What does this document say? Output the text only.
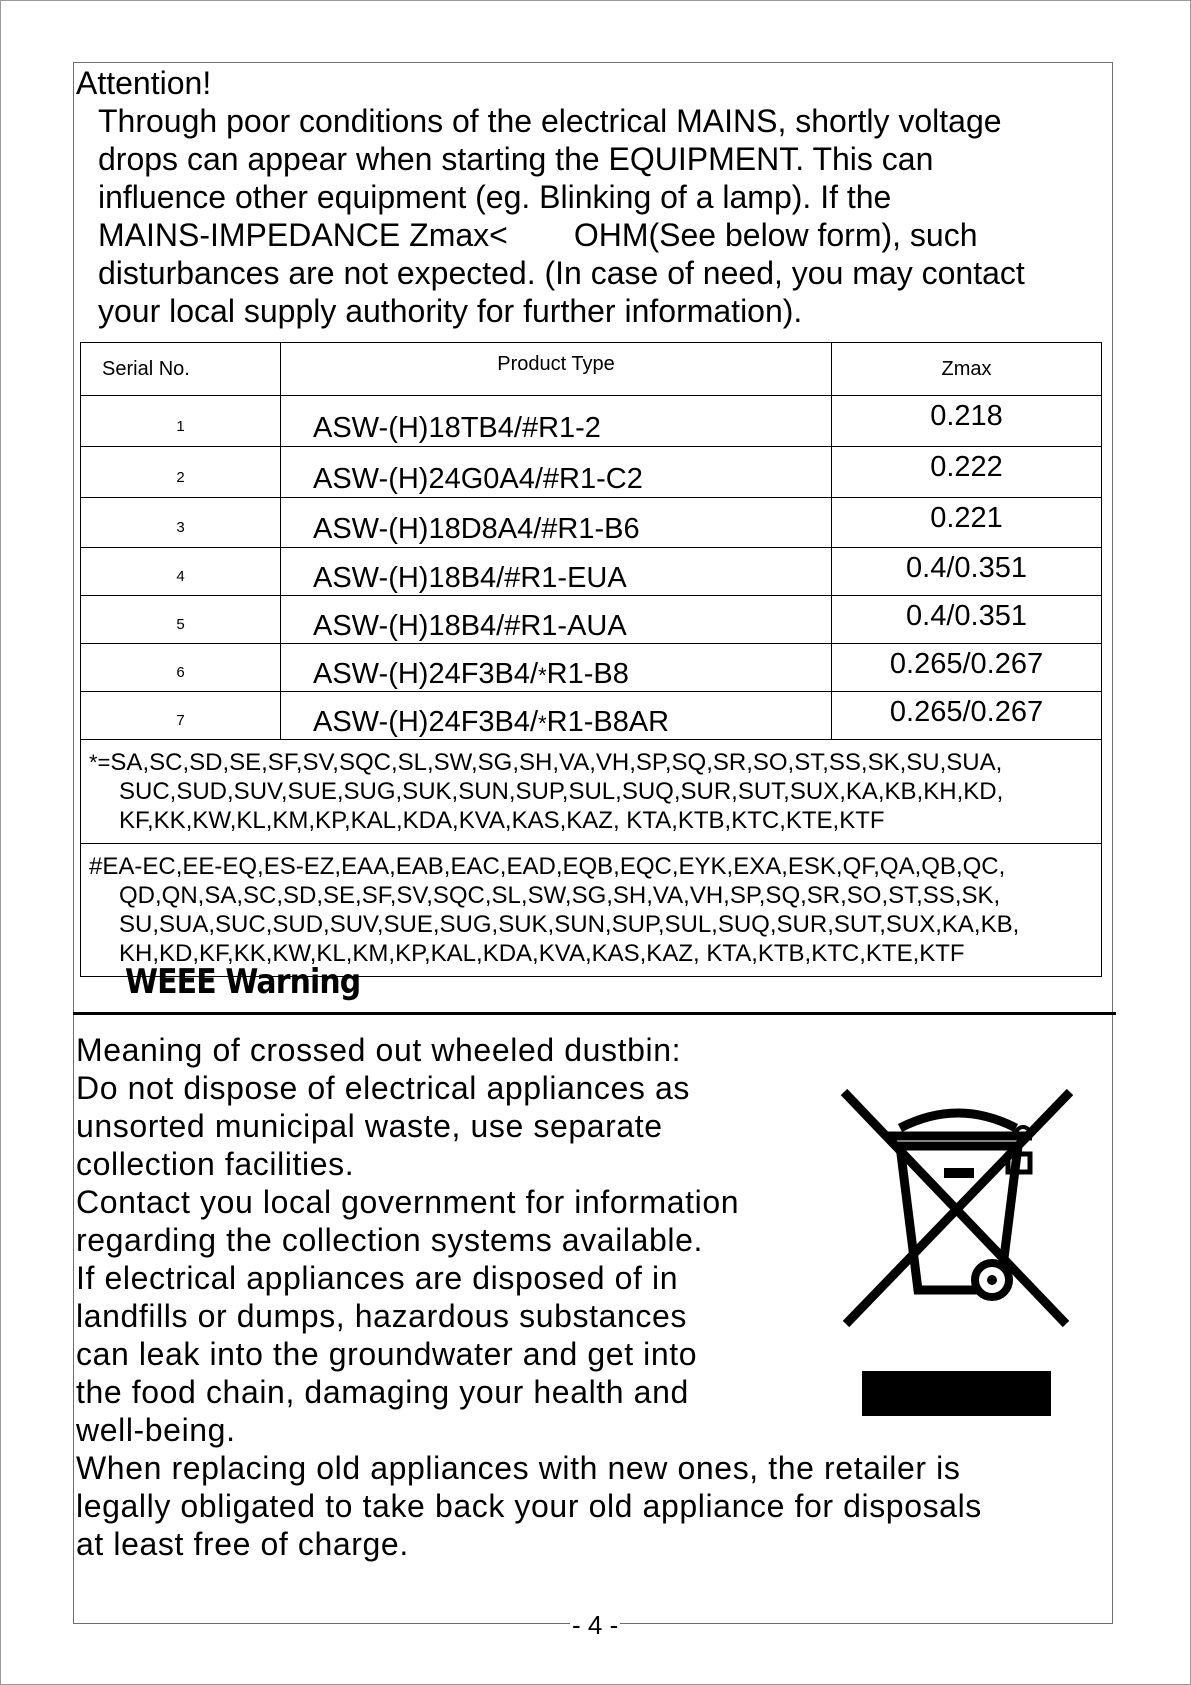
Attention!
Through poor conditions of the electrical MAINS, shortly voltage
drops can appear when starting the EQUIPMENT. This can
influence other equipment (eg. Blinking of a lamp). If the
MAINS-IMPEDANCE Zmax< OHM(See below form), such
disturbances are not expected. (In case of need, you may contact
your local supply authority for further information).
Serial No.	Product Type	Zmax
1	ASW-(H)18TB4/#R1-2	0.218
2	ASW-(H)24G0A4/#R1-C2	0.222
3	ASW-(H)18D8A4/#R1-B6	0.221
4	ASW-(H)18B4/#R1-EUA	0.4/0.351
5	ASW-(H)18B4/#R1-AUA	0.4/0.351
6	ASW-(H)24F3B4/*R1-B8	0.265/0.267
7	ASW-(H)24F3B4/*R1-B8AR	0.265/0.267
*=SA,SC,SD,SE,SF,SV,SQC,SL,SW,SG,SH,VA,VH,SP,SQ,SR,SO,ST,SS,SK,SU,SUA,
SUC,SUD,SUV,SUE,SUG,SUK,SUN,SUP,SUL,SUQ,SUR,SUT,SUX,KA,KB,KH,KD,
KF,KK,KW,KL,KM,KP,KAL,KDA,KVA,KAS,KAZ, KTA,KTB,KTC,KTE,KTF		

#EA-EC,EE-EQ,ES-EZ,EAA,EAB,EAC,EAD,EQB,EQC,EYK,EXA,ESK,QF,QA,QB,QC,
QD,QN,SA,SC,SD,SE,SF,SV,SQC,SL,SW,SG,SH,VA,VH,SP,SQ,SR,SO,ST,SS,SK,
SU,SUA,SUC,SUD,SUV,SUE,SUG,SUK,SUN,SUP,SUL,SUQ,SUR,SUT,SUX,KA,KB,
KH,KD,KF,KK,KW,KL,KM,KP,KAL,KDA,KVA,KAS,KAZ, KTA,KTB,KTC,KTE,KTF		
WEEE Warning
Meaning of crossed out wheeled dustbin:
Do not dispose of electrical appliances as
unsorted municipal waste, use separate
collection facilities.
Contact you local government for information
regarding the collection systems available.
If electrical appliances are disposed of in
landfills or dumps, hazardous substances
can leak into the groundwater and get into
the food chain, damaging your health and
well-being.
When replacing old appliances with new ones, the retailer is
legally obligated to take back your old appliance for disposals
at least free of charge.
- 4 -
